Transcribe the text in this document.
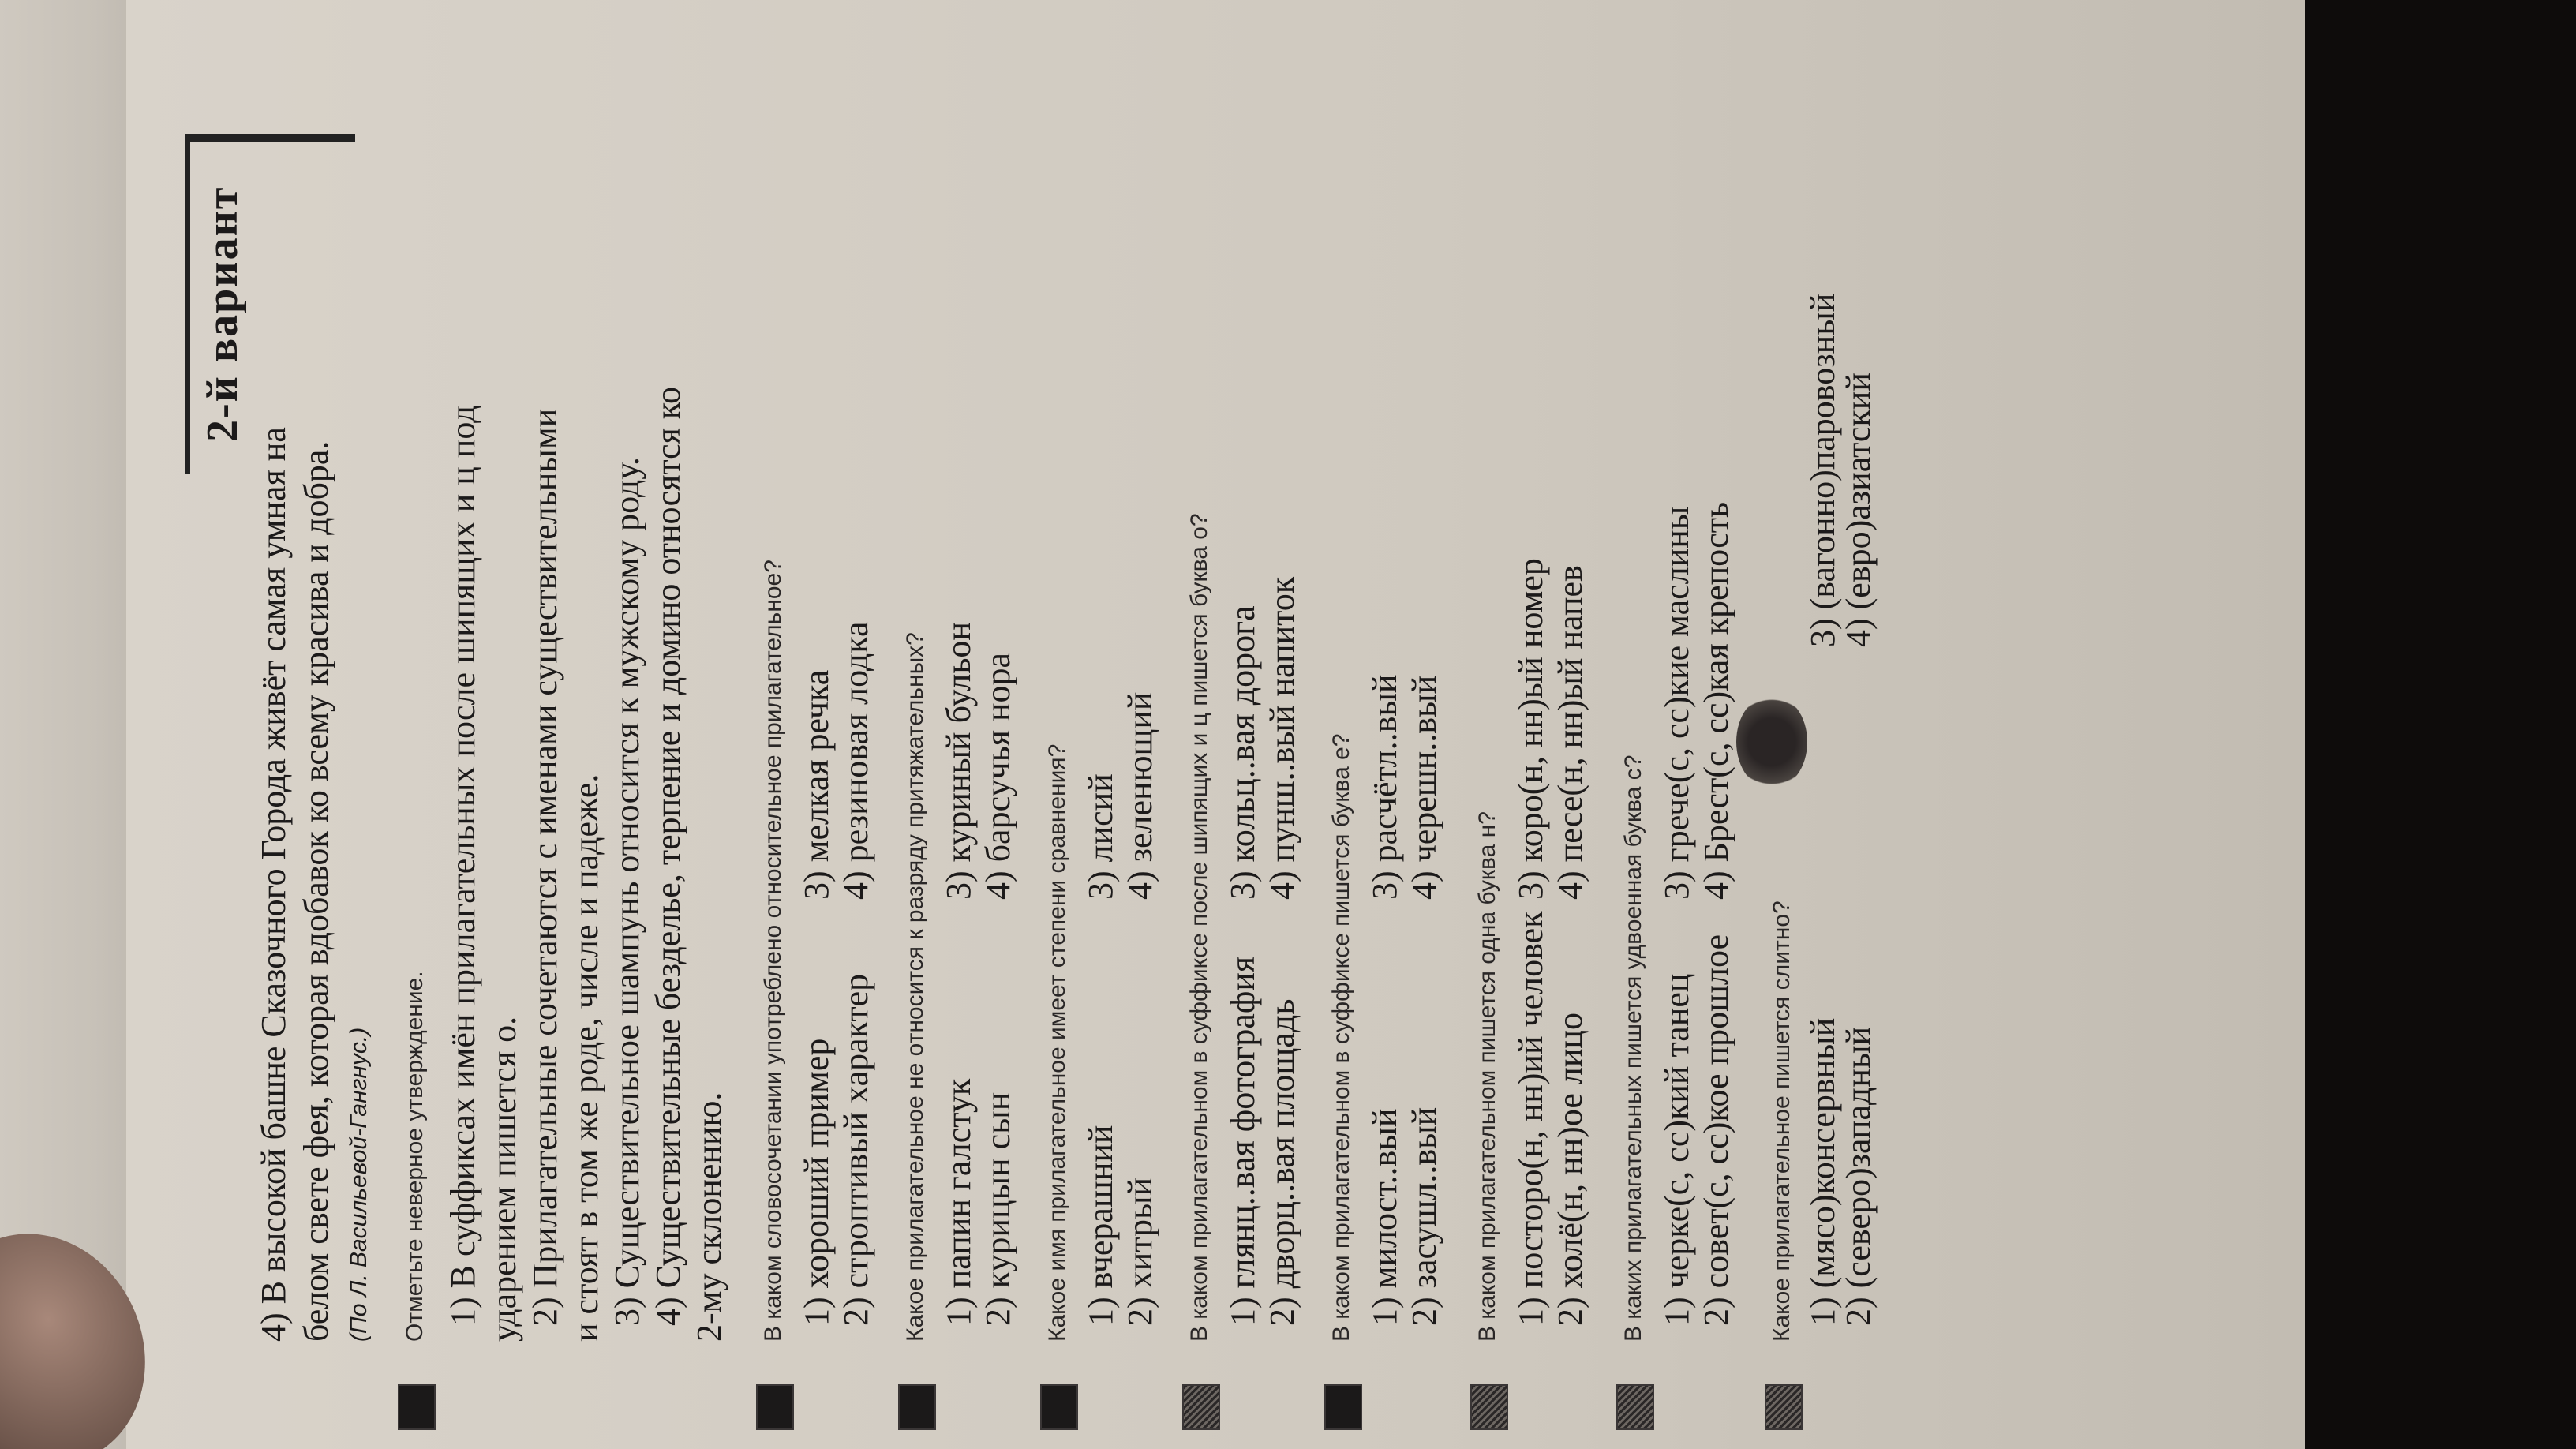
2-й вариант
4) В высокой башне Сказочного Города живёт самая умная на белом свете фея, которая вдобавок ко всему красива и добра. (По Л. Васильевой-Гангнус.) Отметьте неверное утверждение. 1) В суффиксах имён прилагательных после шипящих и ц под ударением пишется о. 2) Прилагательные сочетаются с именами существительными и стоят в том же роде, числе и падеже. 3) Существительное шампунь относится к мужскому роду. 4) Существительные безделье, терпение и домино относятся ко 2-му склонению. В каком словосочетании употреблено относительное прилагательное? 1) хороший пример 2) строптивый характер
3) мелкая речка 4) резиновая лодка Какое прилагательное не относится к разряду притяжательных? 1) папин галстук 2) курицын сын
3) куриный бульон 4) барсучья нора Какое имя прилагательное имеет степени сравнения? 1) вчерашний 2) хитрый
3) лисий 4) зеленющий В каком прилагательном в суффиксе после шипящих и ц пишется буква о? 1) глянц..вая фотография 2) дворц..вая площадь
3) кольц..вая дорога 4) пунш..вый напиток В каком прилагательном в суффиксе пишется буква е? 1) милост..вый 2) засушл..вый
3) расчётл..вый 4) черешн..вый
В каком прилагательном пишется одна буква н? 1) посторо(н, нн)ий человек 2) холё(н, нн)ое лицо
3) коро(н, нн)ый номер 4) песе(н, нн)ый напев
В каких прилагательных пишется удвоенная буква с? 1) черке(с, сс)кий танец 2) совет(с, сс)кое прошлое
3) грече(с, сс)кие маслины 4) Брест(с, сс)кая крепость
Какое прилагательное пишется слитно? 1) (мясо)консервный
2) (северо)западный
3) (вагонно)паровозный
4) (евро)азиатский
